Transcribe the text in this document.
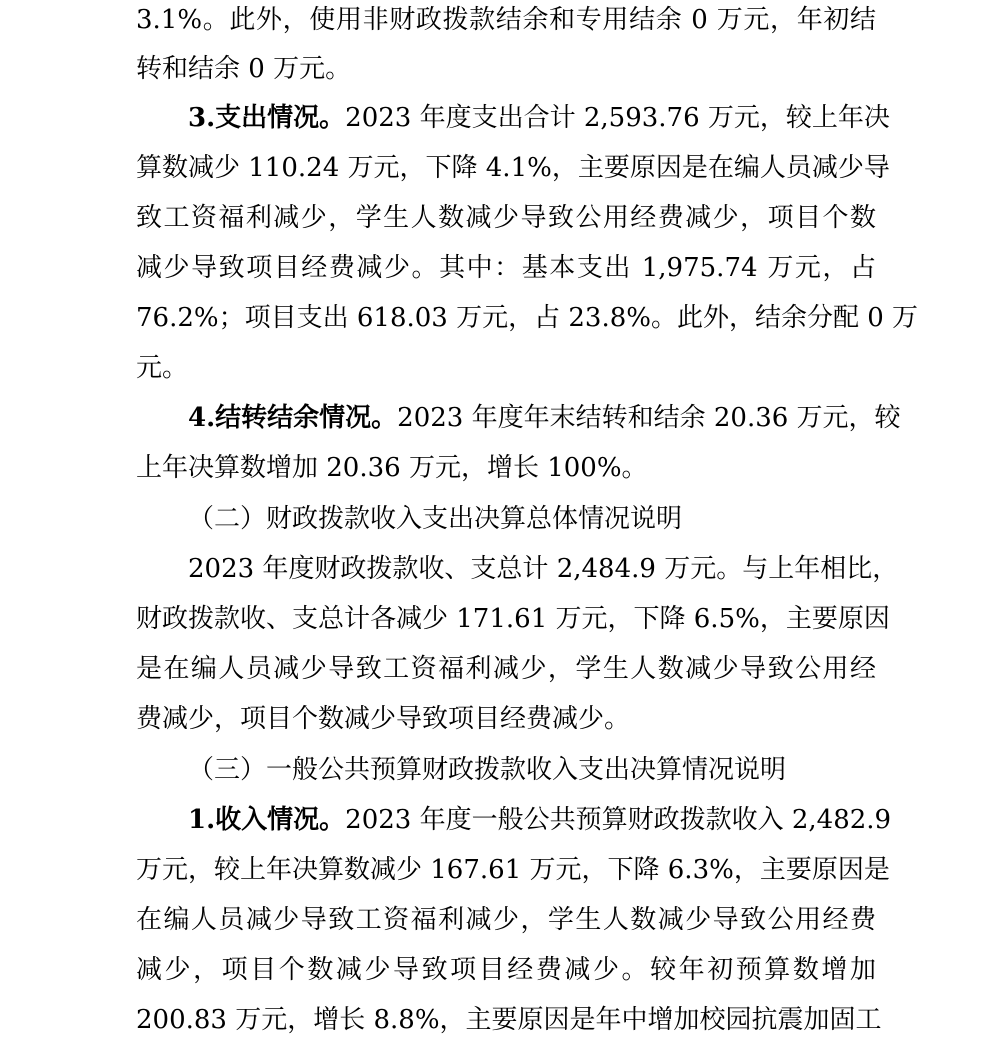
3.1%。此外，使用非财政拨款结余和专用结余 0 万元，年初结
转和结余 0 万元。
3.支出情况。2023 年度支出合计 2,593.76 万元，较上年决
算数减少 110.24 万元，下降 4.1%，主要原因是在编人员减少导
致工资福利减少，学生人数减少导致公用经费减少，项目个数
减少导致项目经费减少。其中：基本支出 1,975.74 万元，占
76.2%；项目支出 618.03 万元，占 23.8%。此外，结余分配 0 万
元。
4.结转结余情况。2023 年度年末结转和结余 20.36 万元，较
上年决算数增加 20.36 万元，增长 100%。
（二）财政拨款收入支出决算总体情况说明
2023 年度财政拨款收、支总计 2,484.9 万元。与上年相比，
财政拨款收、支总计各减少 171.61 万元，下降 6.5%，主要原因
是在编人员减少导致工资福利减少，学生人数减少导致公用经
费减少，项目个数减少导致项目经费减少。
（三）一般公共预算财政拨款收入支出决算情况说明
1.收入情况。2023 年度一般公共预算财政拨款收入 2,482.9
万元，较上年决算数减少 167.61 万元，下降 6.3%，主要原因是
在编人员减少导致工资福利减少，学生人数减少导致公用经费
减少，项目个数减少导致项目经费减少。较年初预算数增加
200.83 万元，增长 8.8%，主要原因是年中增加校园抗震加固工
